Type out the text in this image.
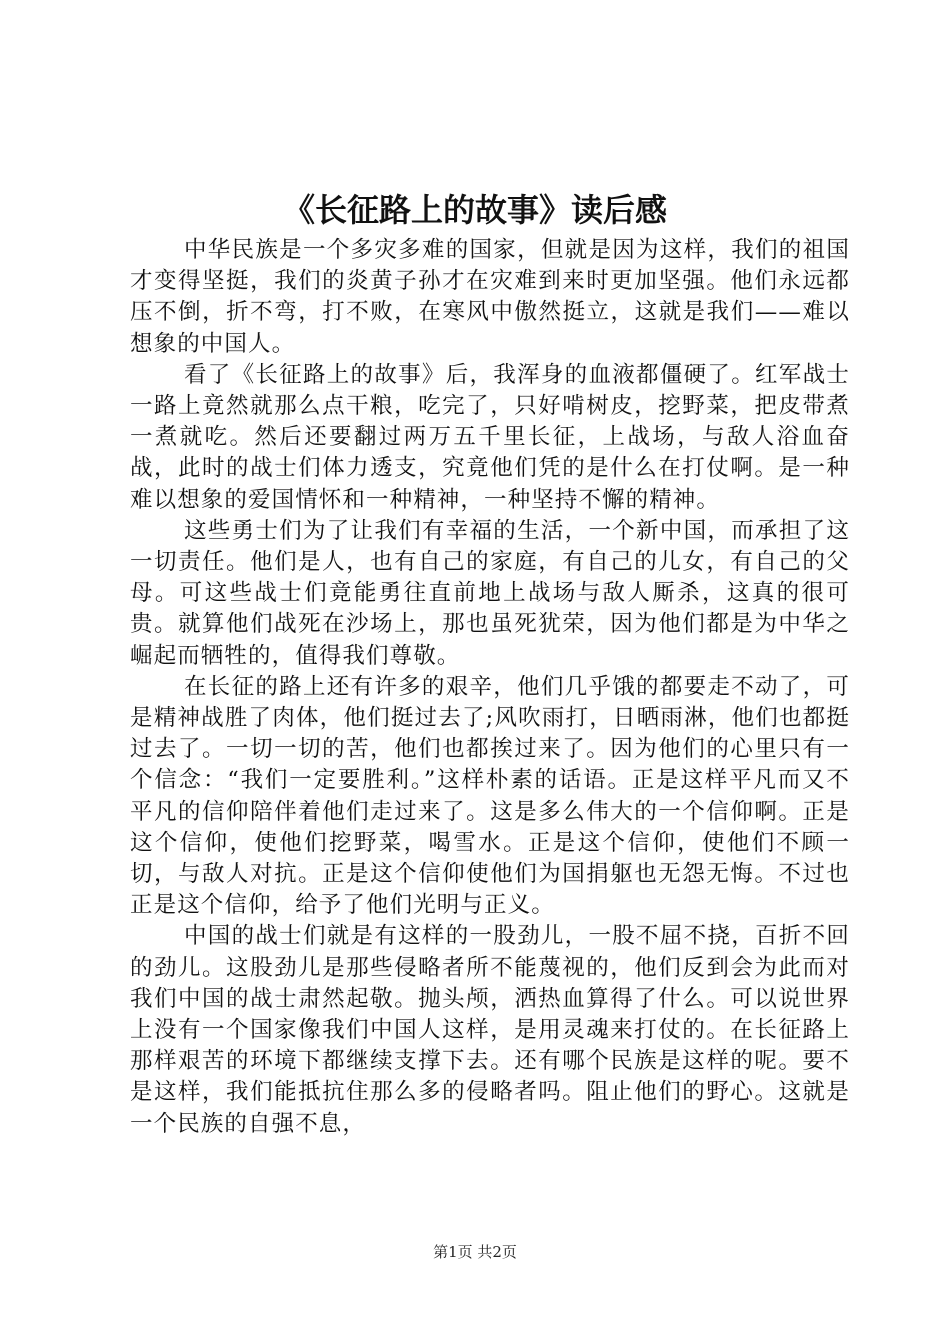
《长征路上的故事》读后感

中华民族是一个多灾多难的国家，但就是因为这样，我们的祖国才变得坚挺，我们的炎黄子孙才在灾难到来时更加坚强。他们永远都压不倒，折不弯，打不败，在寒风中傲然挺立，这就是我们——难以想象的中国人。

看了《长征路上的故事》后，我浑身的血液都僵硬了。红军战士一路上竟然就那么点干粮，吃完了，只好啃树皮，挖野菜，把皮带煮一煮就吃。然后还要翻过两万五千里长征，上战场，与敌人浴血奋战，此时的战士们体力透支，究竟他们凭的是什么在打仗啊。是一种难以想象的爱国情怀和一种精神，一种坚持不懈的精神。

这些勇士们为了让我们有幸福的生活，一个新中国，而承担了这一切责任。他们是人，也有自己的家庭，有自己的儿女，有自己的父母。可这些战士们竟能勇往直前地上战场与敌人厮杀，这真的很可贵。就算他们战死在沙场上，那也虽死犹荣，因为他们都是为中华之崛起而牺牲的，值得我们尊敬。

在长征的路上还有许多的艰辛，他们几乎饿的都要走不动了，可是精神战胜了肉体，他们挺过去了;风吹雨打，日晒雨淋，他们也都挺过去了。一切一切的苦，他们也都挨过来了。因为他们的心里只有一个信念：“我们一定要胜利。”这样朴素的话语。正是这样平凡而又不平凡的信仰陪伴着他们走过来了。这是多么伟大的一个信仰啊。正是这个信仰，使他们挖野菜，喝雪水。正是这个信仰，使他们不顾一切，与敌人对抗。正是这个信仰使他们为国捐躯也无怨无悔。不过也正是这个信仰，给予了他们光明与正义。

中国的战士们就是有这样的一股劲儿，一股不屈不挠，百折不回的劲儿。这股劲儿是那些侵略者所不能蔑视的，他们反到会为此而对我们中国的战士肃然起敬。抛头颅，洒热血算得了什么。可以说世界上没有一个国家像我们中国人这样，是用灵魂来打仗的。在长征路上那样艰苦的环境下都继续支撑下去。还有哪个民族是这样的呢。要不是这样，我们能抵抗住那么多的侵略者吗。阻止他们的野心。这就是一个民族的自强不息，

第1页 共2页
